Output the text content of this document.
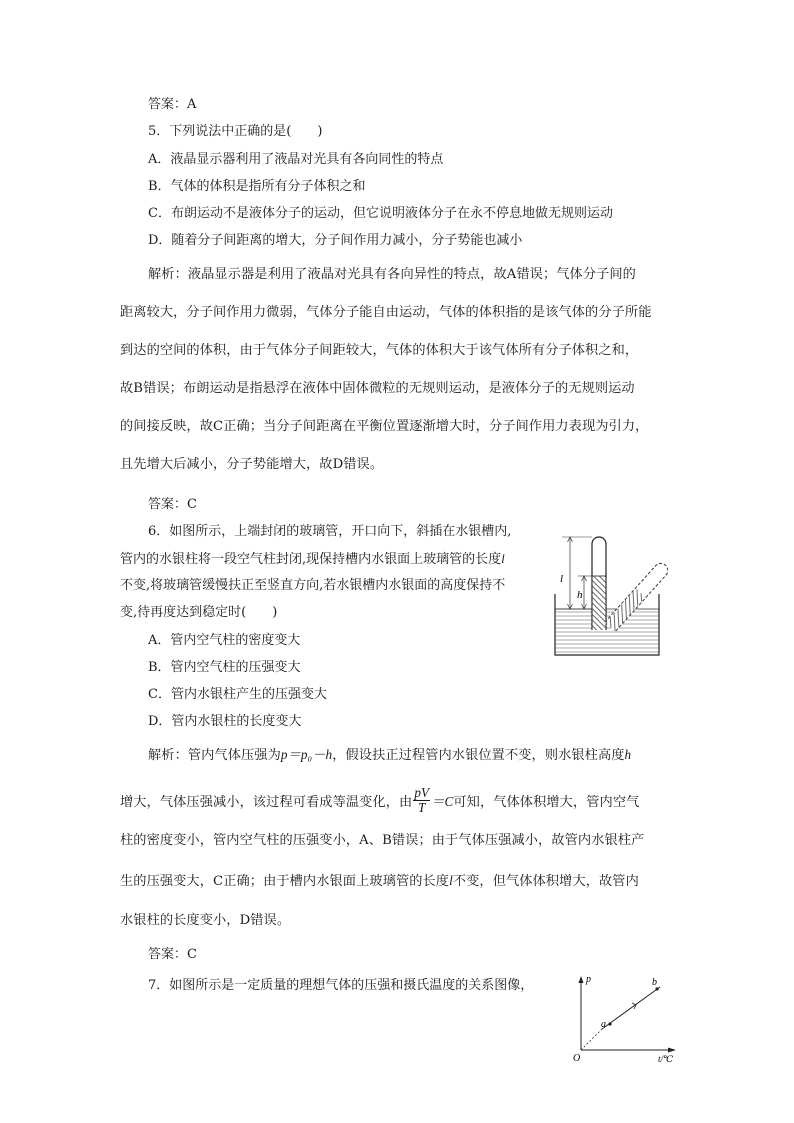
答案：A
5．下列说法中正确的是(　　)
A．液晶显示器利用了液晶对光具有各向同性的特点
B．气体的体积是指所有分子体积之和
C．布朗运动不是液体分子的运动，但它说明液体分子在永不停息地做无规则运动
D．随着分子间距离的增大，分子间作用力减小，分子势能也减小
解析：液晶显示器是利用了液晶对光具有各向异性的特点，故A错误；气体分子间的
距离较大，分子间作用力微弱，气体分子能自由运动，气体的体积指的是该气体的分子所能
到达的空间的体积，由于气体分子间距较大，气体的体积大于该气体所有分子体积之和，
故B错误；布朗运动是指悬浮在液体中固体微粒的无规则运动，是液体分子的无规则运动
的间接反映，故C正确；当分子间距离在平衡位置逐渐增大时，分子间作用力表现为引力，
且先增大后减小，分子势能增大，故D错误。
答案：C
6．如图所示，上端封闭的玻璃管，开口向下，斜插在水银槽内,
管内的水银柱将一段空气柱封闭,现保持槽内水银面上玻璃管的长度l
不变,将玻璃管缓慢扶正至竖直方向,若水银槽内水银面的高度保持不
变,待再度达到稳定时(　　)
A．管内空气柱的密度变大
B．管内空气柱的压强变大
C．管内水银柱产生的压强变大
D．管内水银柱的长度变大
l
h
解析：管内气体压强为p＝p₀－h，假设扶正过程管内水银位置不变，则水银柱高度h
增大，气体压强减小，该过程可看成等温变化，由 $\frac{pV}{T} =C$可知，气体体积增大，管内空气
柱的密度变小，管内空气柱的压强变小，A、B错误；由于气体压强减小，故管内水银柱产
生的压强变大，C正确；由于槽内水银面上玻璃管的长度l不变，但气体体积增大，故管内
水银柱的长度变小，D错误。
答案：C
7．如图所示是一定质量的理想气体的压强和摄氏温度的关系图像，	p
t/℃
O
a
b
